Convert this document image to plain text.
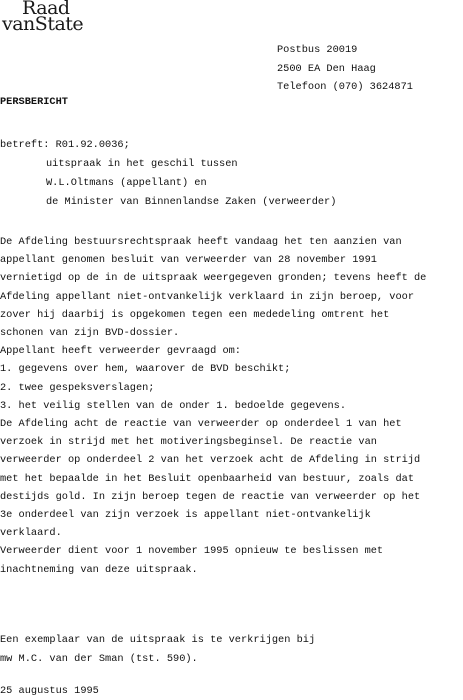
Raad
vanState
Postbus 20019
2500 EA Den Haag
Telefoon (070) 3624871
PERSBERICHT
betreft: R01.92.0036;
uitspraak in het geschil tussen
W.L.Oltmans (appellant) en
de Minister van Binnenlandse Zaken (verweerder)

De Afdeling bestuursrechtspraak heeft vandaag het ten aanzien van

appellant genomen besluit van verweerder van 28 november 1991

vernietigd op de in de uitspraak weergegeven gronden; tevens heeft de

Afdeling appellant niet-ontvankelijk verklaard in zijn beroep, voor

zover hij daarbij is opgekomen tegen een mededeling omtrent het

schonen van zijn BVD-dossier.

Appellant heeft verweerder gevraagd om:

1. gegevens over hem, waarover de BVD beschikt;

2. twee gespeksverslagen;

3. het veilig stellen van de onder 1. bedoelde gegevens.

De Afdeling acht de reactie van verweerder op onderdeel 1 van het

verzoek in strijd met het motiveringsbeginsel. De reactie van

verweerder op onderdeel 2 van het verzoek acht de Afdeling in strijd

met het bepaalde in het Besluit openbaarheid van bestuur, zoals dat

destijds gold. In zijn beroep tegen de reactie van verweerder op het

3e onderdeel van zijn verzoek is appellant niet-ontvankelijk

verklaard.

Verweerder dient voor 1 november 1995 opnieuw te beslissen met

inachtneming van deze uitspraak.

Een exemplaar van de uitspraak is te verkrijgen bij

mw M.C. van der Sman (tst. 590).

25 augustus 1995
